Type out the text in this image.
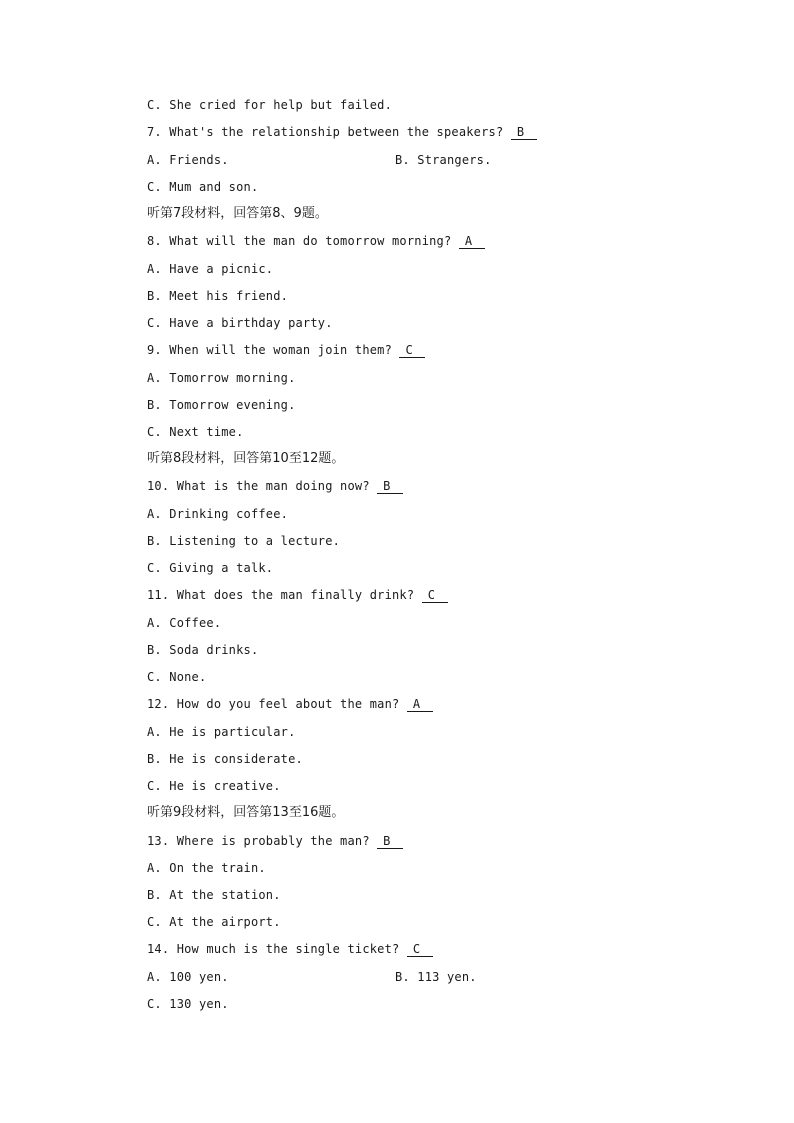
C. She cried for help but failed.
7. What's the relationship between the speakers? B
A. Friends.	B. Strangers.
C. Mum and son.
听第7段材料，回答第8、9题。
8. What will the man do tomorrow morning? A
A. Have a picnic.
B. Meet his friend.
C. Have a birthday party.
9. When will the woman join them? C
A. Tomorrow morning.
B. Tomorrow evening.
C. Next time.
听第8段材料，回答第10至12题。
10. What is the man doing now? B
A. Drinking coffee.
B. Listening to a lecture.
C. Giving a talk.
11. What does the man finally drink? C
A. Coffee.
B. Soda drinks.
C. None.
12. How do you feel about the man? A
A. He is particular.
B. He is considerate.
C. He is creative.
听第9段材料，回答第13至16题。
13. Where is probably the man? B
A. On the train.
B. At the station.
C. At the airport.
14. How much is the single ticket? C
A. 100 yen.	B. 113 yen.
C. 130 yen.
